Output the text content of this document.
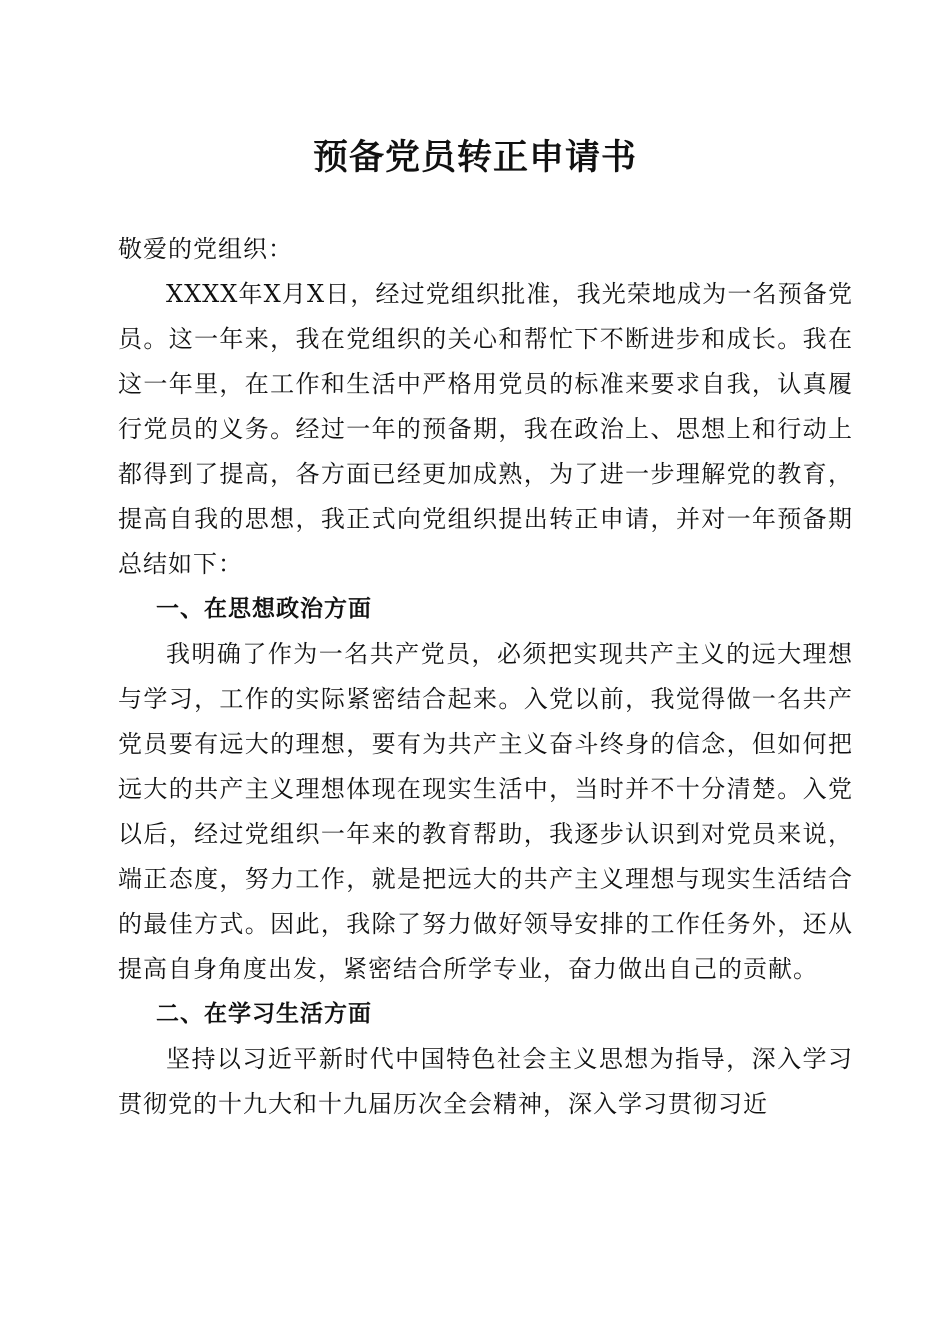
预备党员转正申请书

敬爱的党组织：

XXXX年X月X日，经过党组织批准，我光荣地成为一名预备党员。这一年来，我在党组织的关心和帮忙下不断进步和成长。我在这一年里，在工作和生活中严格用党员的标准来要求自我，认真履行党员的义务。经过一年的预备期，我在政治上、思想上和行动上都得到了提高，各方面已经更加成熟，为了进一步理解党的教育，提高自我的思想，我正式向党组织提出转正申请，并对一年预备期总结如下：

一、在思想政治方面

我明确了作为一名共产党员，必须把实现共产主义的远大理想与学习，工作的实际紧密结合起来。入党以前，我觉得做一名共产党员要有远大的理想，要有为共产主义奋斗终身的信念，但如何把远大的共产主义理想体现在现实生活中，当时并不十分清楚。入党以后，经过党组织一年来的教育帮助，我逐步认识到对党员来说，端正态度，努力工作，就是把远大的共产主义理想与现实生活结合的最佳方式。因此，我除了努力做好领导安排的工作任务外，还从提高自身角度出发，紧密结合所学专业，奋力做出自己的贡献。

二、在学习生活方面

坚持以习近平新时代中国特色社会主义思想为指导，深入学习贯彻党的十九大和十九届历次全会精神，深入学习贯彻习近
